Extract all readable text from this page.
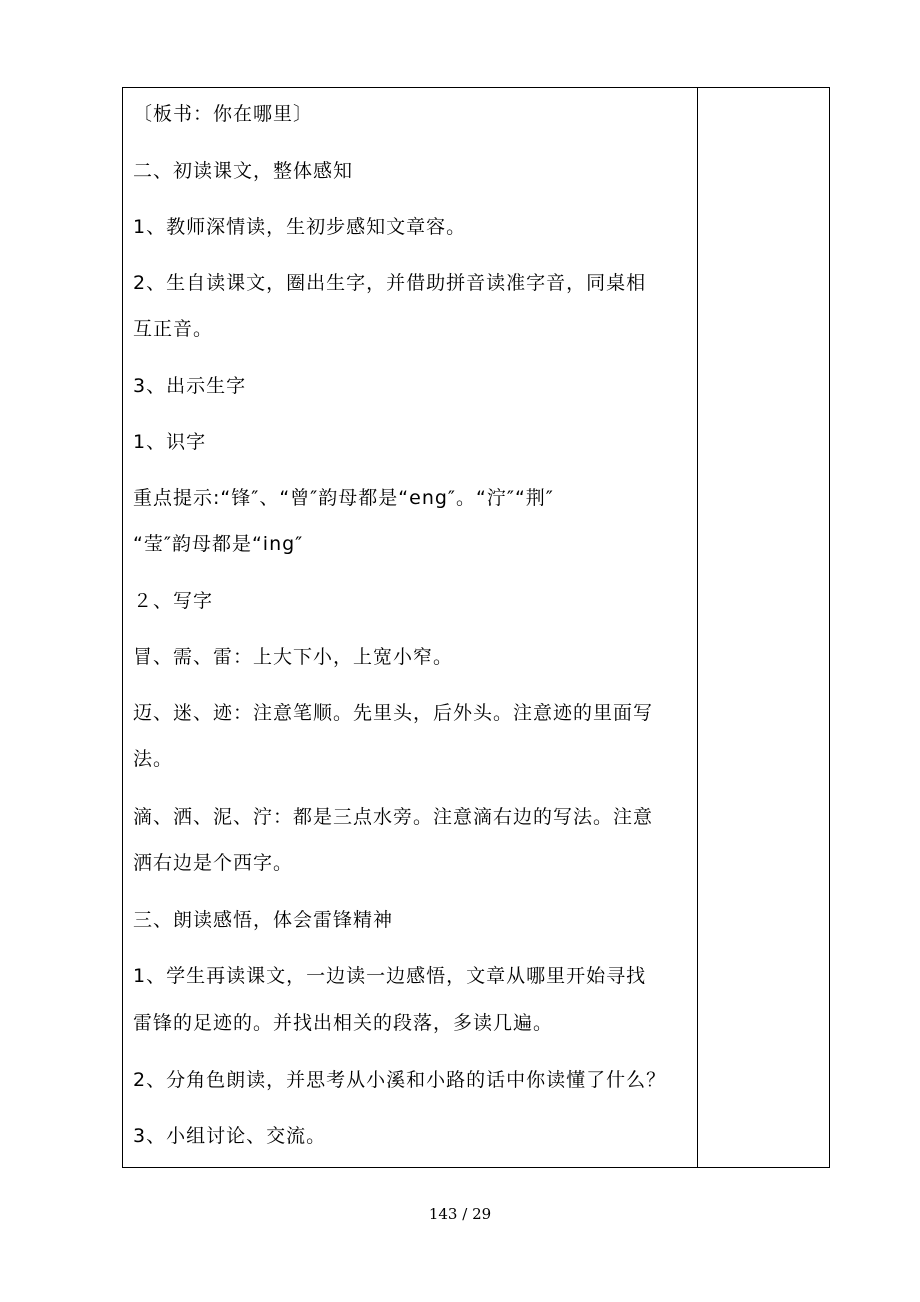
〔板书：你在哪里〕
二、初读课文，整体感知
1、教师深情读，生初步感知文章容。
2、生自读课文，圈出生字，并借助拼音读准字音，同桌相
互正音。
3、出示生字
1、识字
重点提示:“锋″、“曾″韵母都是“eng″。“泞″“荆″
“莹″韵母都是“ing″
２、写字
冒、需、雷：上大下小，上宽小窄。
迈、迷、迹：注意笔顺。先里头，后外头。注意迹的里面写
法。
滴、洒、泥、泞：都是三点水旁。注意滴右边的写法。注意
洒右边是个西字。
三、朗读感悟，体会雷锋精神
1、学生再读课文，一边读一边感悟，文章从哪里开始寻找
雷锋的足迹的。并找出相关的段落，多读几遍。
2、分角色朗读，并思考从小溪和小路的话中你读懂了什么？
3、小组讨论、交流。
143 / 29
